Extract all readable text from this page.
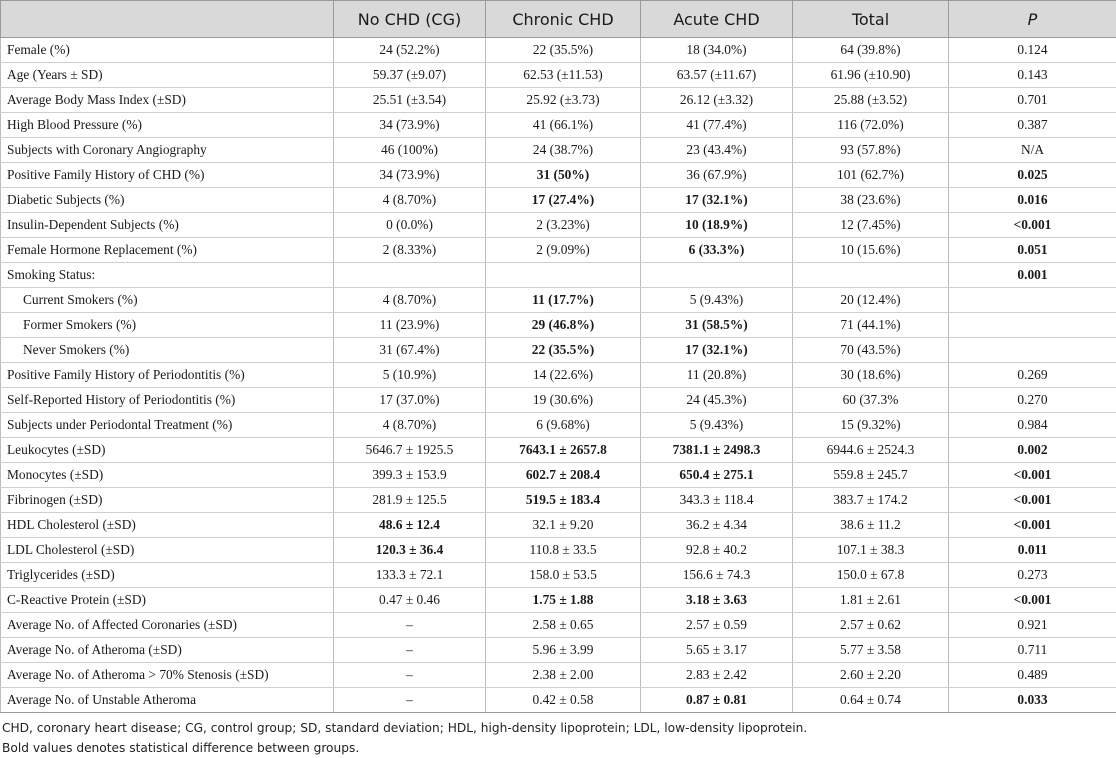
	No CHD (CG)	Chronic CHD	Acute CHD	Total	P
Female (%)	24 (52.2%)	22 (35.5%)	18 (34.0%)	64 (39.8%)	0.124
Age (Years ± SD)	59.37 (±9.07)	62.53 (±11.53)	63.57 (±11.67)	61.96 (±10.90)	0.143
Average Body Mass Index (±SD)	25.51 (±3.54)	25.92 (±3.73)	26.12 (±3.32)	25.88 (±3.52)	0.701
High Blood Pressure (%)	34 (73.9%)	41 (66.1%)	41 (77.4%)	116 (72.0%)	0.387
Subjects with Coronary Angiography	46 (100%)	24 (38.7%)	23 (43.4%)	93 (57.8%)	N/A
Positive Family History of CHD (%)	34 (73.9%)	31 (50%)	36 (67.9%)	101 (62.7%)	0.025
Diabetic Subjects (%)	4 (8.70%)	17 (27.4%)	17 (32.1%)	38 (23.6%)	0.016
Insulin-Dependent Subjects (%)	0 (0.0%)	2 (3.23%)	10 (18.9%)	12 (7.45%)	<0.001
Female Hormone Replacement (%)	2 (8.33%)	2 (9.09%)	6 (33.3%)	10 (15.6%)	0.051
Smoking Status:					0.001
Current Smokers (%)	4 (8.70%)	11 (17.7%)	5 (9.43%)	20 (12.4%)	
Former Smokers (%)	11 (23.9%)	29 (46.8%)	31 (58.5%)	71 (44.1%)	
Never Smokers (%)	31 (67.4%)	22 (35.5%)	17 (32.1%)	70 (43.5%)	
Positive Family History of Periodontitis (%)	5 (10.9%)	14 (22.6%)	11 (20.8%)	30 (18.6%)	0.269
Self-Reported History of Periodontitis (%)	17 (37.0%)	19 (30.6%)	24 (45.3%)	60 (37.3%	0.270
Subjects under Periodontal Treatment (%)	4 (8.70%)	6 (9.68%)	5 (9.43%)	15 (9.32%)	0.984
Leukocytes (±SD)	5646.7 ± 1925.5	7643.1 ± 2657.8	7381.1 ± 2498.3	6944.6 ± 2524.3	0.002
Monocytes (±SD)	399.3 ± 153.9	602.7 ± 208.4	650.4 ± 275.1	559.8 ± 245.7	<0.001
Fibrinogen (±SD)	281.9 ± 125.5	519.5 ± 183.4	343.3 ± 118.4	383.7 ± 174.2	<0.001
HDL Cholesterol (±SD)	48.6 ± 12.4	32.1 ± 9.20	36.2 ± 4.34	38.6 ± 11.2	<0.001
LDL Cholesterol (±SD)	120.3 ± 36.4	110.8 ± 33.5	92.8 ± 40.2	107.1 ± 38.3	0.011
Triglycerides (±SD)	133.3 ± 72.1	158.0 ± 53.5	156.6 ± 74.3	150.0 ± 67.8	0.273
C-Reactive Protein (±SD)	0.47 ± 0.46	1.75 ± 1.88	3.18 ± 3.63	1.81 ± 2.61	<0.001
Average No. of Affected Coronaries (±SD)	–	2.58 ± 0.65	2.57 ± 0.59	2.57 ± 0.62	0.921
Average No. of Atheroma (±SD)	–	5.96 ± 3.99	5.65 ± 3.17	5.77 ± 3.58	0.711
Average No. of Atheroma > 70% Stenosis (±SD)	–	2.38 ± 2.00	2.83 ± 2.42	2.60 ± 2.20	0.489
Average No. of Unstable Atheroma	–	0.42 ± 0.58	0.87 ± 0.81	0.64 ± 0.74	0.033
CHD, coronary heart disease; CG, control group; SD, standard deviation; HDL, high-density lipoprotein; LDL, low-density lipoprotein.
Bold values denotes statistical difference between groups.
